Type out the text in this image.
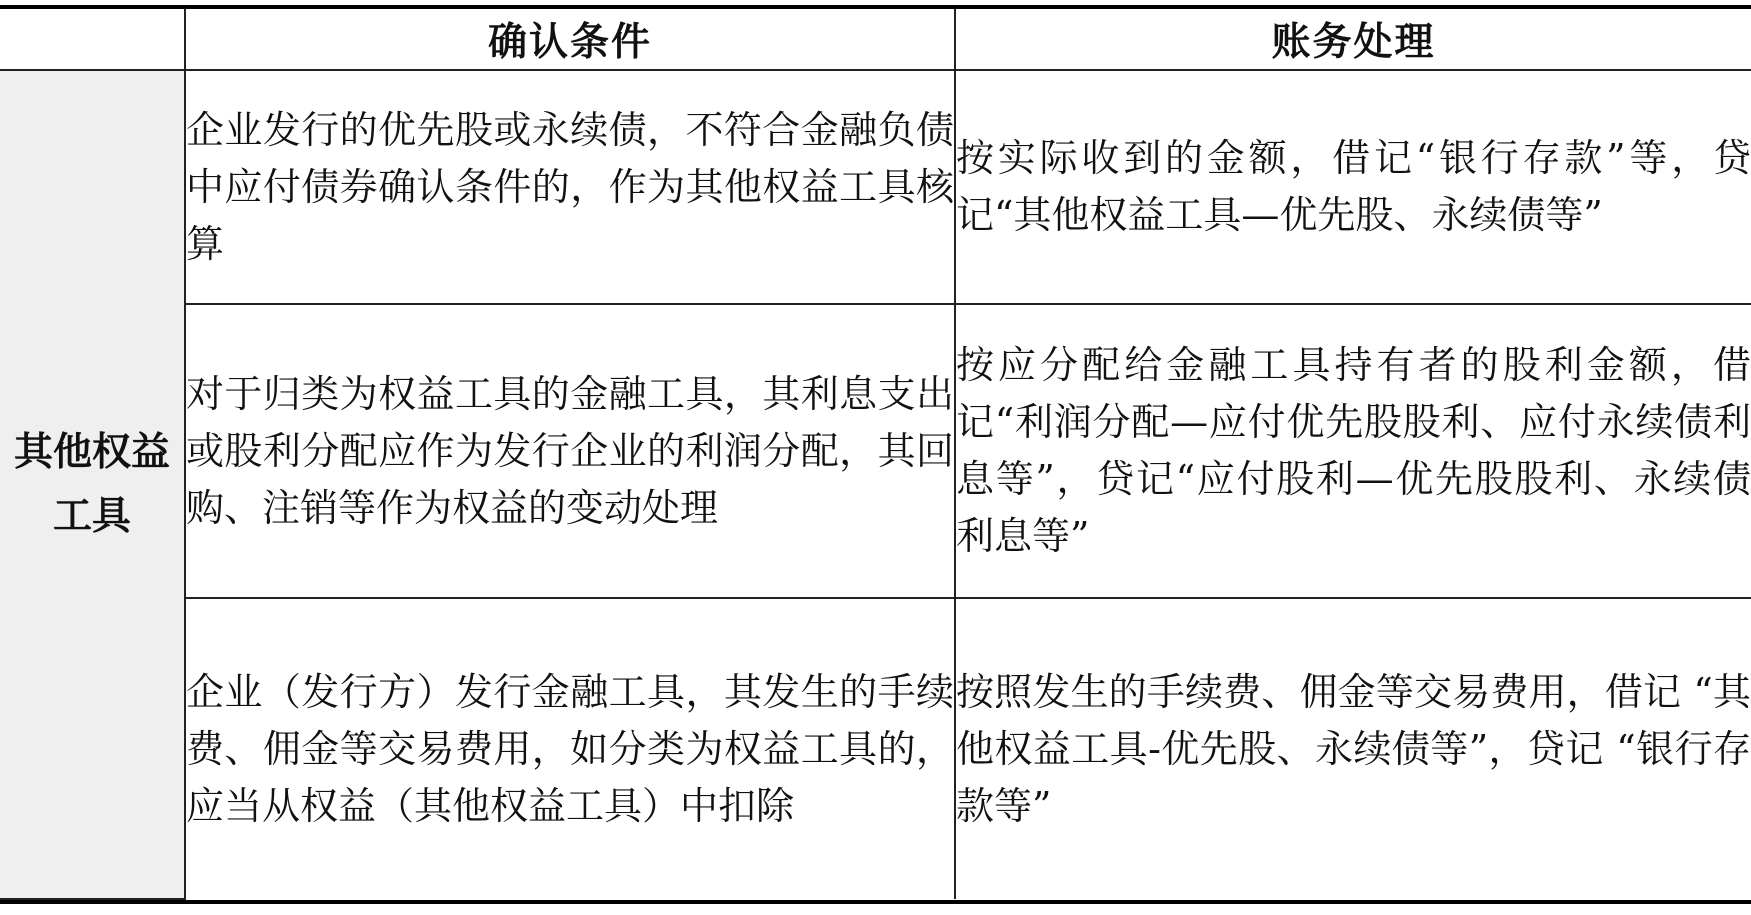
	确认条件	账务处理
其他权益工具	企业发行的优先股或永续债，不符合金融负债中应付债券确认条件的，作为其他权益工具核算	按实际收到的金额，借记“银行存款”等，贷记“其他权益工具—优先股、永续债等”
	对于归类为权益工具的金融工具，其利息支出或股利分配应作为发行企业的利润分配，其回购、注销等作为权益的变动处理	按应分配给金融工具持有者的股利金额，借记“利润分配—应付优先股股利、应付永续债利息等”，贷记“应付股利—优先股股利、永续债利息等”
	企业（发行方）发行金融工具，其发生的手续费、佣金等交易费用，如分类为权益工具的，应当从权益（其他权益工具）中扣除	按照发生的手续费、佣金等交易费用，借记 “其他权益工具-优先股、永续债等”，贷记 “银行存款等”
